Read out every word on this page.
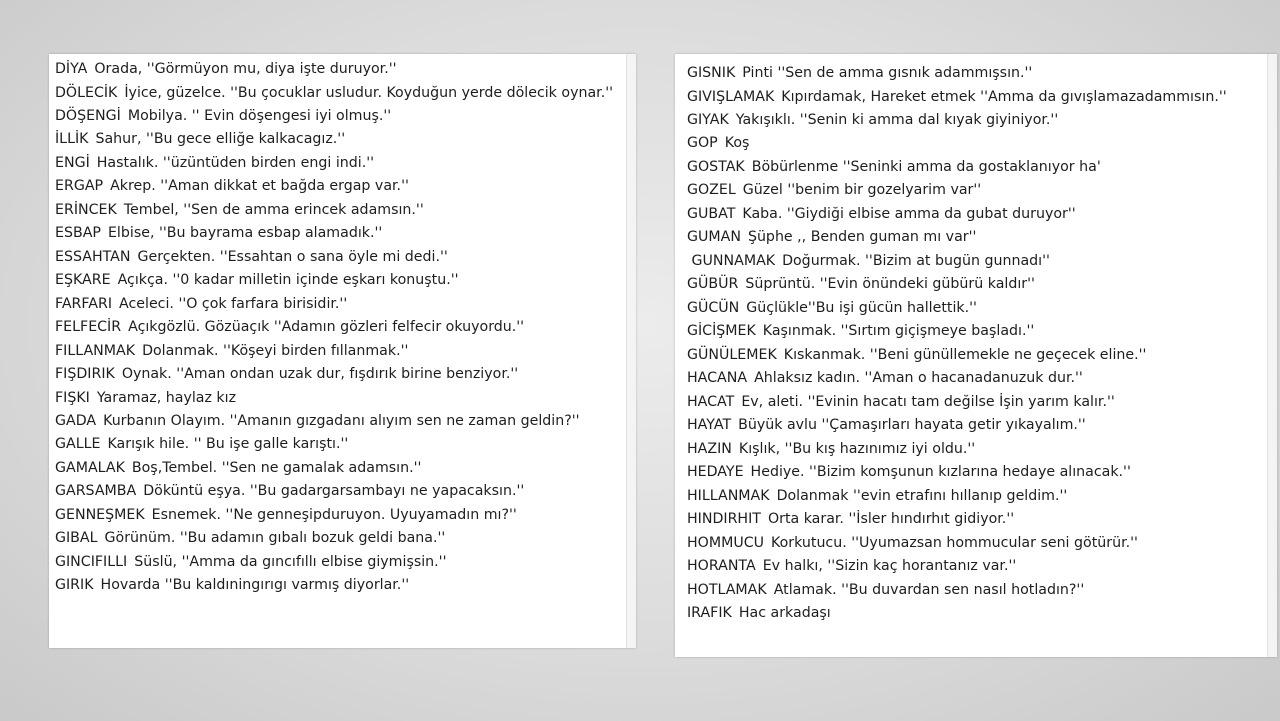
DİYA Orada, ''Görmüyon mu, diya işte duruyor.''

DÖLECİK İyice, güzelce. ''Bu çocuklar usludur. Koyduğun yerde dölecik oynar.''

DÖŞENGİ Mobilya. '' Evin döşengesi iyi olmuş.''

İLLİK Sahur, ''Bu gece elliğe kalkacagız.''

ENGİ Hastalık. ''üzüntüden birden engi indi.''

ERGAP Akrep. ''Aman dikkat et bağda ergap var.''

ERİNCEK Tembel, ''Sen de amma erincek adamsın.''

ESBAP Elbise, ''Bu bayrama esbap alamadık.''

ESSAHTAN Gerçekten. ''Essahtan o sana öyle mi dedi.''

EŞKARE Açıkça. ''0 kadar milletin içinde eşkarı konuştu.''

FARFARI Aceleci. ''O çok farfara birisidir.''

FELFECİR Açıkgözlü. Gözüaçık ''Adamın gözleri felfecir okuyordu.''

FILLANMAK Dolanmak. ''Köşeyi birden fıllanmak.''

FIŞDIRIK Oynak. ''Aman ondan uzak dur, fışdırık birine benziyor.''

FIŞKI Yaramaz, haylaz kız

GADA Kurbanın Olayım. ''Amanın gızgadanı alıyım sen ne zaman geldin?''

GALLE Karışık hile. '' Bu işe galle karıştı.''

GAMALAK Boş,Tembel. ''Sen ne gamalak adamsın.''

GARSAMBA Döküntü eşya. ''Bu gadargarsambayı ne yapacaksın.''

GENNEŞMEK Esnemek. ''Ne genneşipduruyon. Uyuyamadın mı?''

GIBAL Görünüm. ''Bu adamın gıbalı bozuk geldi bana.''

GINCIFILLI Süslü, ''Amma da gıncıfıllı elbise giymişsin.''

GIRIK Hovarda ''Bu kaldıningırıgı varmış diyorlar.''

GISNIK Pinti ''Sen de amma gısnık adammışsın.''

GIVIŞLAMAK Kıpırdamak, Hareket etmek ''Amma da gıvışlamazadammısın.''

GIYAK Yakışıklı. ''Senin ki amma dal kıyak giyiniyor.''

GOP Koş

GOSTAK Böbürlenme ''Seninki amma da gostaklanıyor ha'

GOZEL Güzel ''benim bir gozelyarim var''

GUBAT Kaba. ''Giydiği elbise amma da gubat duruyor''

GUMAN Şüphe ,, Benden guman mı var''

GUNNAMAK Doğurmak. ''Bizim at bugün gunnadı''

GÜBÜR Süprüntü. ''Evin önündeki gübürü kaldır''

GÜCÜN Güçlükle''Bu işi gücün hallettik.''

GİCİŞMEK Kaşınmak. ''Sırtım giçişmeye başladı.''

GÜNÜLEMEK Kıskanmak. ''Beni günüllemekle ne geçecek eline.''

HACANA Ahlaksız kadın. ''Aman o hacanadanuzuk dur.''

HACAT Ev, aleti. ''Evinin hacatı tam değilse İşin yarım kalır.''

HAYAT Büyük avlu ''Çamaşırları hayata getir yıkayalım.''

HAZIN Kışlık, ''Bu kış hazınımız iyi oldu.''

HEDAYE Hediye. ''Bizim komşunun kızlarına hedaye alınacak.''

HILLANMAK Dolanmak ''evin etrafını hıllanıp geldim.''

HINDIRHIT Orta karar. ''İsler hındırhıt gidiyor.''

HOMMUCU Korkutucu. ''Uyumazsan hommucular seni götürür.''

HORANTA Ev halkı, ''Sizin kaç horantanız var.''

HOTLAMAK Atlamak. ''Bu duvardan sen nasıl hotladın?''

IRAFIK Hac arkadaşı
